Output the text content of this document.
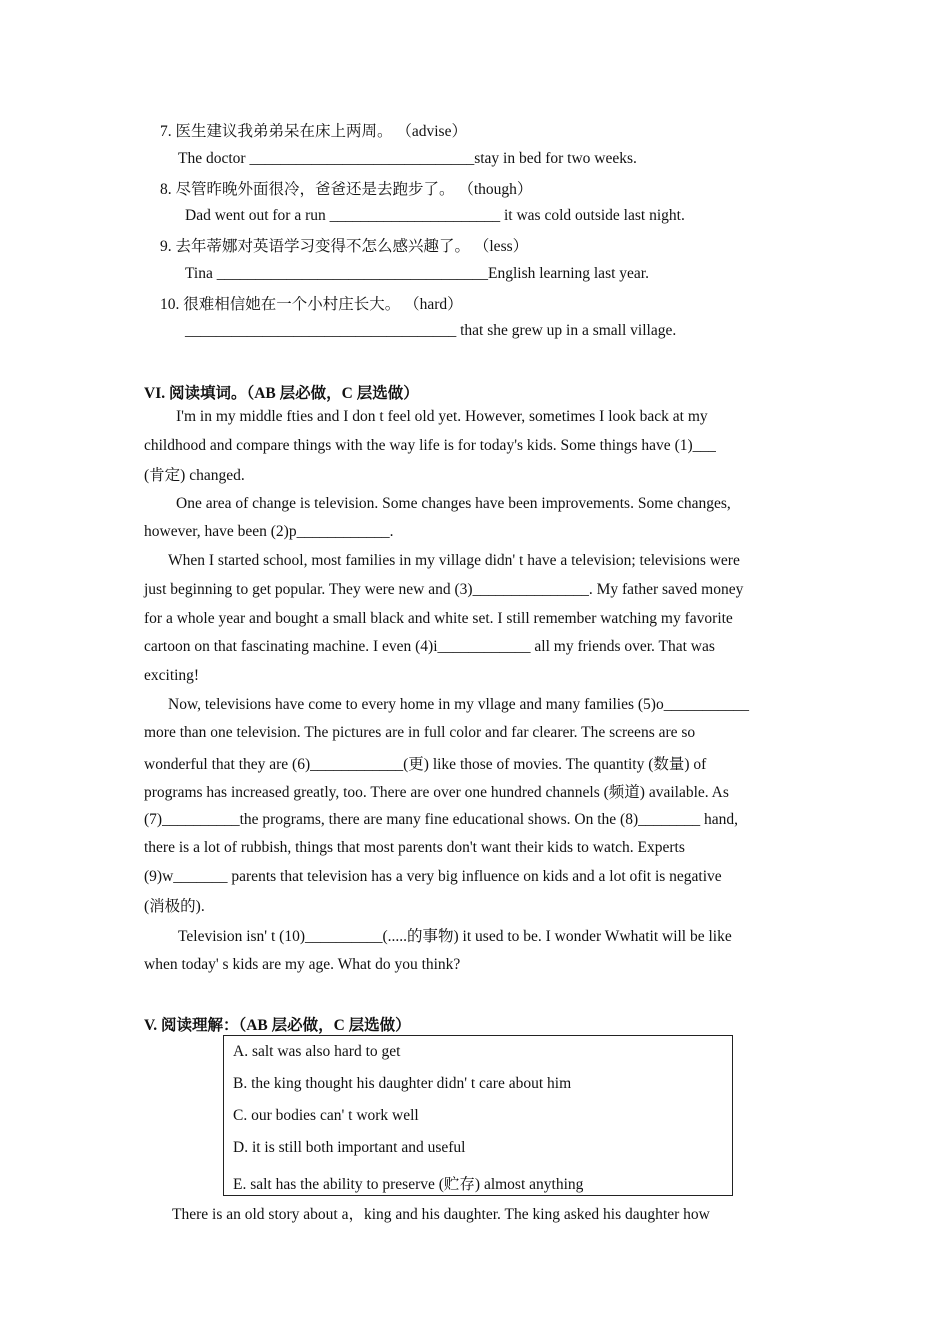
7. 医生建议我弟弟呆在床上两周。 （advise）
The doctor _____________________________stay in bed for two weeks.
8. 尽管昨晚外面很冷，爸爸还是去跑步了。 （though）
Dad went out for a run ______________________ it was cold outside last night.
9. 去年蒂娜对英语学习变得不怎么感兴趣了。 （less）
Tina ___________________________________English learning last year.
10. 很难相信她在一个小村庄长大。 （hard）
___________________________________ that she grew up in a small village.
VI. 阅读填词。（AB 层必做，C 层选做）
I'm in my middle fties and I don t feel old yet. However, sometimes I look back at my
childhood and compare things with the way life is for today's kids. Some things have (1)___
(肯定) changed.
One area of change is television. Some changes have been improvements. Some changes,
however, have been (2)p____________.
When I started school, most families in my village didn' t have a television; televisions were
just beginning to get popular. They were new and (3)_______________. My father saved money
for a whole year and bought a small black and white set. I still remember watching my favorite
cartoon on that fascinating machine. I even (4)i____________ all my friends over. That was
exciting!
Now, televisions have come to every home in my vllage and many families (5)o___________
more than one television. The pictures are in full color and far clearer. The screens are so
wonderful that they are (6)____________(更) like those of movies. The quantity (数量) of
programs has increased greatly, too. There are over one hundred channels (频道) available. As
(7)__________the programs, there are many fine educational shows. On the (8)________ hand,
there is a lot of rubbish, things that most parents don't want their kids to watch. Experts
(9)w_______ parents that television has a very big influence on kids and a lot ofit is negative
(消极的).
Television isn' t (10)__________(.....的事物) it used to be. I wonder Wwhatit will be like
when today' s kids are my age. What do you think?
V. 阅读理解：（AB 层必做，C 层选做）
A. salt was also hard to get
B. the king thought his daughter didn' t care about him
C. our bodies can' t work well
D. it is still both important and useful
E. salt has the ability to preserve (贮存) almost anything
There is an old story about a，king and his daughter. The king asked his daughter how
